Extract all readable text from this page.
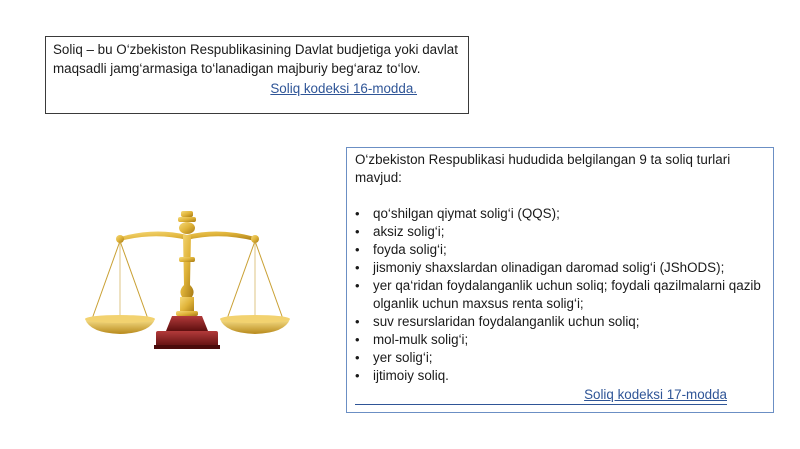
Soliq – bu O‘zbekiston Respublikasining Davlat budjetiga yoki davlat maqsadli jamg‘armasiga to‘lanadigan majburiy beg‘araz to‘lov.
Soliq kodeksi 16-modda.

O‘zbekiston Respublikasi hududida belgilangan 9 ta soliq turlari mavjud:

• qo‘shilgan qiymat solig‘i (QQS);
• aksiz solig‘i;
• foyda solig‘i;
• jismoniy shaxslardan olinadigan daromad solig‘i (JShODS);
• yer qa‘ridan foydalanganlik uchun soliq; foydali qazilmalarni qazib olganlik uchun maxsus renta solig‘i;
• suv resurslaridan foydalanganlik uchun soliq;
• mol-mulk solig‘i;
• yer solig‘i;
• ijtimoiy soliq.
Soliq kodeksi 17-modda
